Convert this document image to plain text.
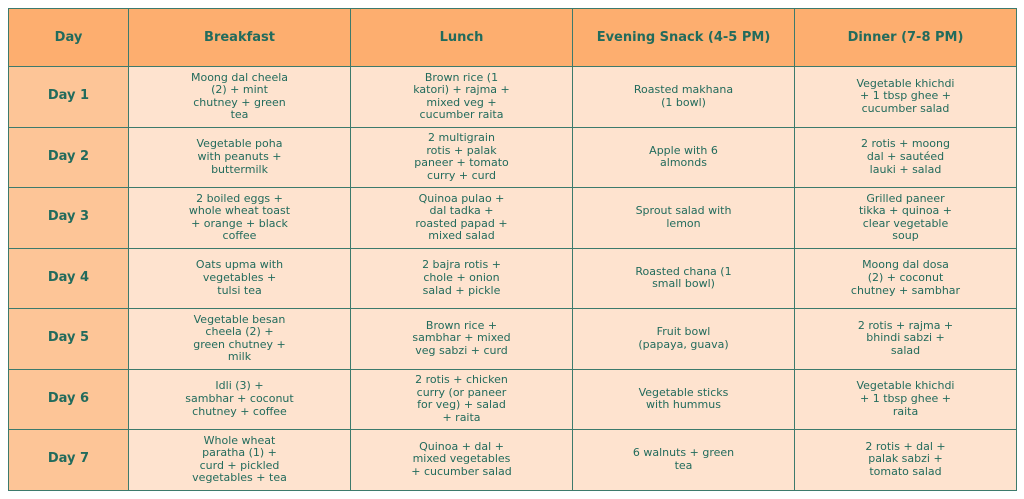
Day	Breakfast	Lunch	Evening Snack (4-5 PM)	Dinner (7-8 PM)
Day 1	Moong dal cheela
(2) + mint
chutney + green
tea	Brown rice (1
katori) + rajma +
mixed veg +
cucumber raita	Roasted makhana
(1 bowl)	Vegetable khichdi
+ 1 tbsp ghee +
cucumber salad
Day 2	Vegetable poha
with peanuts +
buttermilk	2 multigrain
rotis + palak
paneer + tomato
curry + curd	Apple with 6
almonds	2 rotis + moong
dal + sautéed
lauki + salad
Day 3	2 boiled eggs +
whole wheat toast
+ orange + black
coffee	Quinoa pulao +
dal tadka +
roasted papad +
mixed salad	Sprout salad with
lemon	Grilled paneer
tikka + quinoa +
clear vegetable
soup
Day 4	Oats upma with
vegetables +
tulsi tea	2 bajra rotis +
chole + onion
salad + pickle	Roasted chana (1
small bowl)	Moong dal dosa
(2) + coconut
chutney + sambhar
Day 5	Vegetable besan
cheela (2) +
green chutney +
milk	Brown rice +
sambhar + mixed
veg sabzi + curd	Fruit bowl
(papaya, guava)	2 rotis + rajma +
bhindi sabzi +
salad
Day 6	Idli (3) +
sambhar + coconut
chutney + coffee	2 rotis + chicken
curry (or paneer
for veg) + salad
+ raita	Vegetable sticks
with hummus	Vegetable khichdi
+ 1 tbsp ghee +
raita
Day 7	Whole wheat
paratha (1) +
curd + pickled
vegetables + tea	Quinoa + dal +
mixed vegetables
+ cucumber salad	6 walnuts + green
tea	2 rotis + dal +
palak sabzi +
tomato salad
